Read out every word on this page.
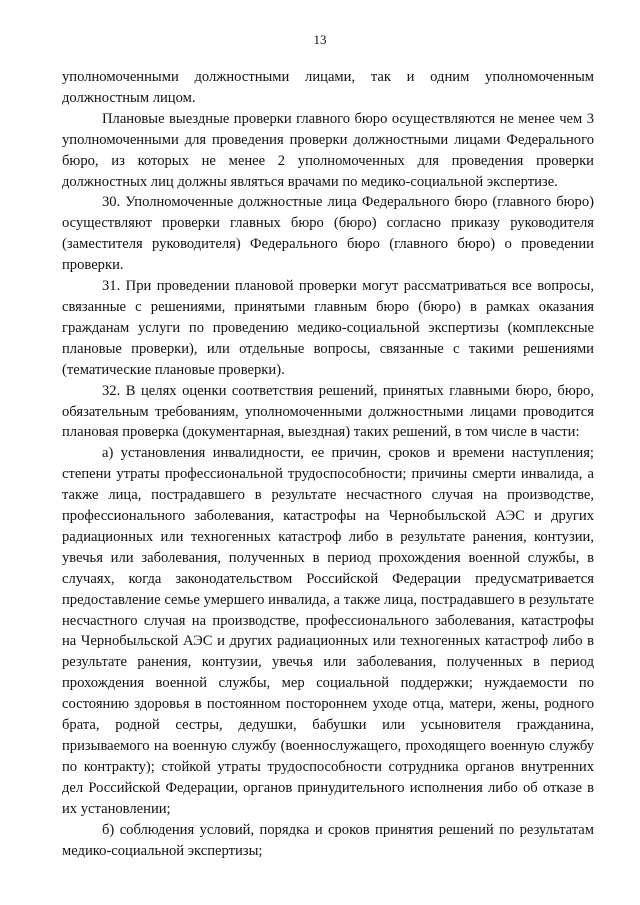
13

уполномоченными должностными лицами, так и одним уполномоченным должностным лицом.

Плановые выездные проверки главного бюро осуществляются не менее чем 3 уполномоченными для проведения проверки должностными лицами Федерального бюро, из которых не менее 2 уполномоченных для проведения проверки должностных лиц должны являться врачами по медико-социальной экспертизе.

30. Уполномоченные должностные лица Федерального бюро (главного бюро) осуществляют проверки главных бюро (бюро) согласно приказу руководителя (заместителя руководителя) Федерального бюро (главного бюро) о проведении проверки.

31. При проведении плановой проверки могут рассматриваться все вопросы, связанные с решениями, принятыми главным бюро (бюро) в рамках оказания гражданам услуги по проведению медико-социальной экспертизы (комплексные плановые проверки), или отдельные вопросы, связанные с такими решениями (тематические плановые проверки).

32. В целях оценки соответствия решений, принятых главными бюро, бюро, обязательным требованиям, уполномоченными должностными лицами проводится плановая проверка (документарная, выездная) таких решений, в том числе в части:

а) установления инвалидности, ее причин, сроков и времени наступления; степени утраты профессиональной трудоспособности; причины смерти инвалида, а также лица, пострадавшего в результате несчастного случая на производстве, профессионального заболевания, катастрофы на Чернобыльской АЭС и других радиационных или техногенных катастроф либо в результате ранения, контузии, увечья или заболевания, полученных в период прохождения военной службы, в случаях, когда законодательством Российской Федерации предусматривается предоставление семье умершего инвалида, а также лица, пострадавшего в результате несчастного случая на производстве, профессионального заболевания, катастрофы на Чернобыльской АЭС и других радиационных или техногенных катастроф либо в результате ранения, контузии, увечья или заболевания, полученных в период прохождения военной службы, мер социальной поддержки; нуждаемости по состоянию здоровья в постоянном постороннем уходе отца, матери, жены, родного брата, родной сестры, дедушки, бабушки или усыновителя гражданина, призываемого на военную службу (военнослужащего, проходящего военную службу по контракту); стойкой утраты трудоспособности сотрудника органов внутренних дел Российской Федерации, органов принудительного исполнения либо об отказе в их установлении;

б) соблюдения условий, порядка и сроков принятия решений по результатам медико-социальной экспертизы;
